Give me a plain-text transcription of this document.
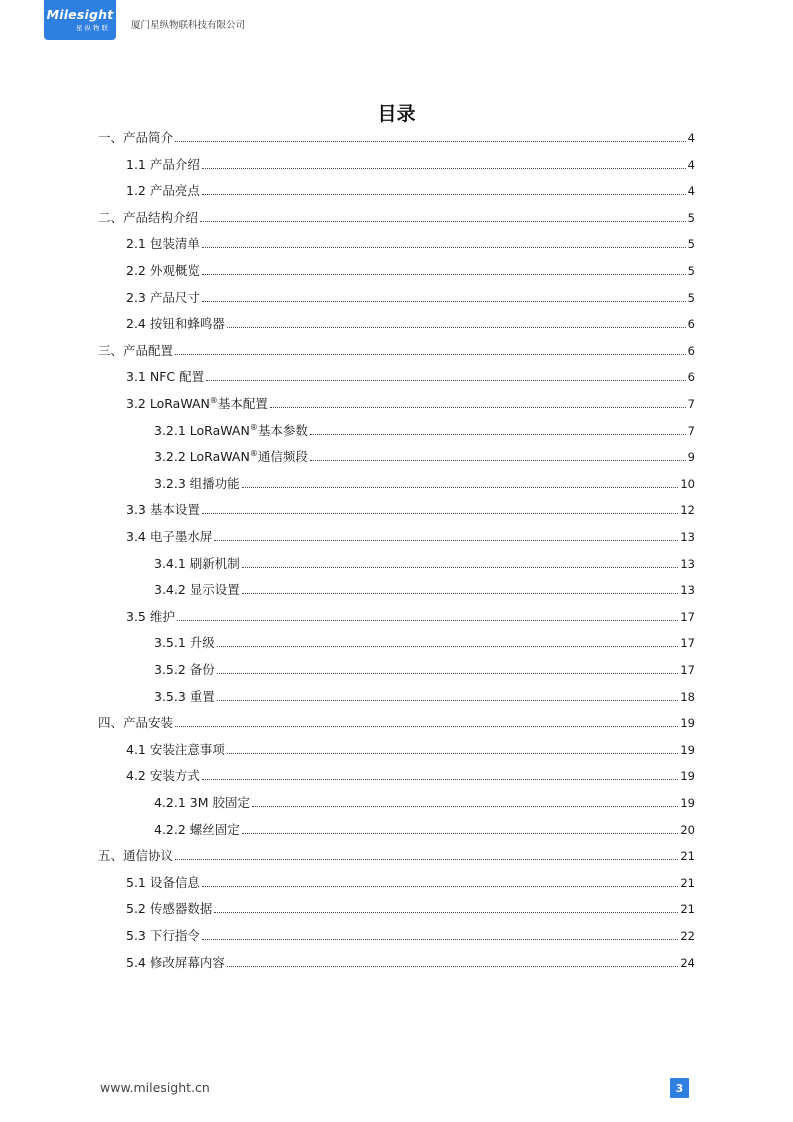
Milesight
星纵物联	厦门星纵物联科技有限公司
目录
一、产品简介	4
1.1 产品介绍	4
1.2 产品亮点	4
二、产品结构介绍	5
2.1 包装清单	5
2.2 外观概览	5
2.3 产品尺寸	5
2.4 按钮和蜂鸣器	6
三、产品配置	6
3.1 NFC 配置	6
3.2 LoRaWAN®基本配置	7
3.2.1 LoRaWAN®基本参数	7
3.2.2 LoRaWAN®通信频段	9
3.2.3 组播功能	10
3.3 基本设置	12
3.4 电子墨水屏	13
3.4.1 刷新机制	13
3.4.2 显示设置	13
3.5 维护	17
3.5.1 升级	17
3.5.2 备份	17
3.5.3 重置	18
四、产品安装	19
4.1 安装注意事项	19
4.2 安装方式	19
4.2.1 3M 胶固定	19
4.2.2 螺丝固定	20
五、通信协议	21
5.1 设备信息	21
5.2 传感器数据	21
5.3 下行指令	22
5.4 修改屏幕内容	24
www.milesight.cn	3
